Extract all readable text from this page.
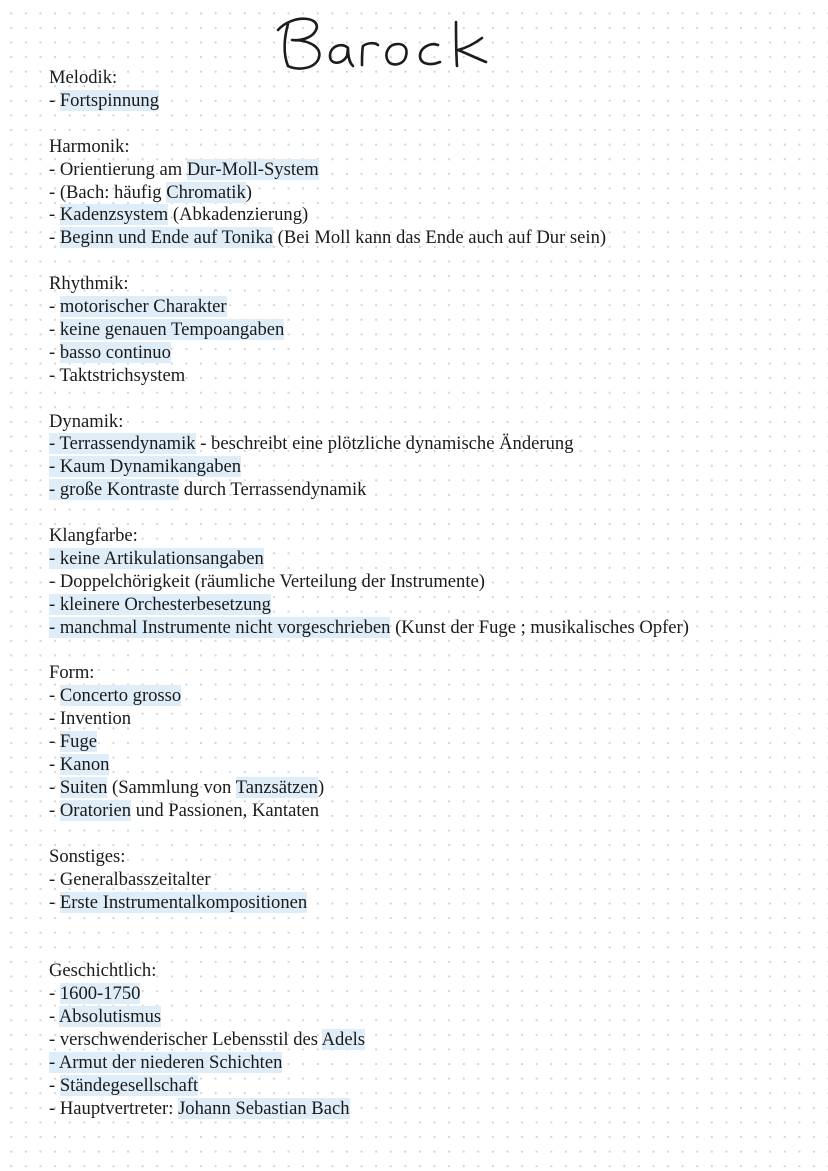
Melodik:
- Fortspinnung
Harmonik:
- Orientierung am Dur-Moll-System
- (Bach: häufig Chromatik)
- Kadenzsystem (Abkadenzierung)
- Beginn und Ende auf Tonika (Bei Moll kann das Ende auch auf Dur sein)
Rhythmik:
- motorischer Charakter
- keine genauen Tempoangaben
- basso continuo
- Taktstrichsystem
Dynamik:
- Terrassendynamik - beschreibt eine plötzliche dynamische Änderung
- Kaum Dynamikangaben
- große Kontraste durch Terrassendynamik
Klangfarbe:
- keine Artikulationsangaben
- Doppelchörigkeit (räumliche Verteilung der Instrumente)
- kleinere Orchesterbesetzung
- manchmal Instrumente nicht vorgeschrieben (Kunst der Fuge ; musikalisches Opfer)
Form:
- Concerto grosso
- Invention
- Fuge
- Kanon
- Suiten (Sammlung von Tanzsätzen)
- Oratorien und Passionen, Kantaten
Sonstiges:
- Generalbasszeitalter
- Erste Instrumentalkompositionen
Geschichtlich:
- 1600-1750
- Absolutismus
- verschwenderischer Lebensstil des Adels
- Armut der niederen Schichten
- Ständegesellschaft
- Hauptvertreter: Johann Sebastian Bach
